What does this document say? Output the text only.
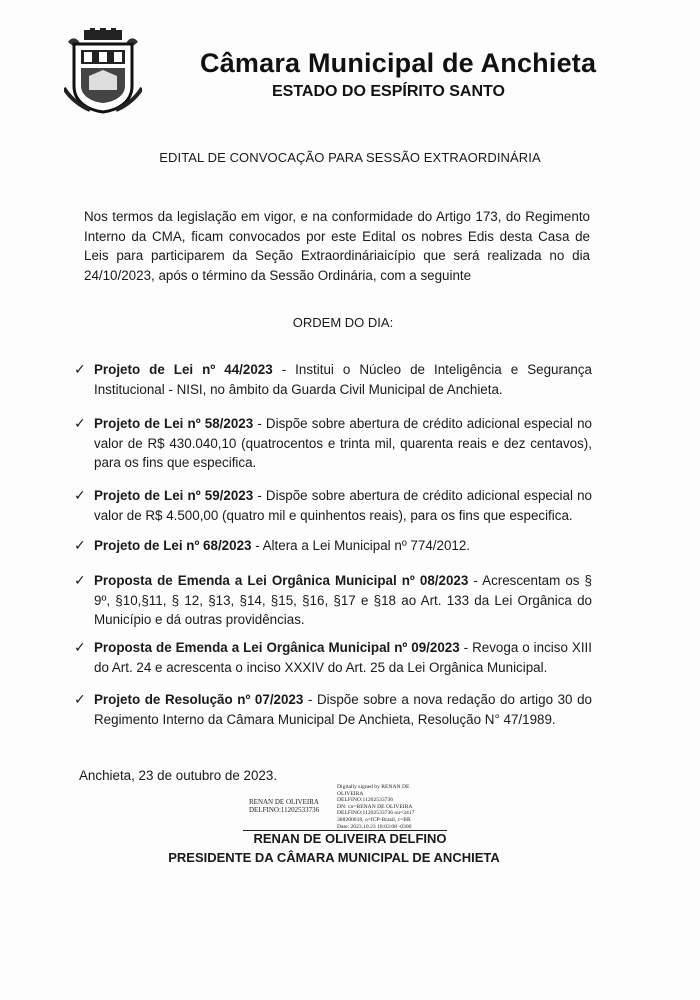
Câmara Municipal de Anchieta
ESTADO DO ESPÍRITO SANTO
EDITAL DE CONVOCAÇÃO PARA SESSÃO EXTRAORDINÁRIA
Nos termos da legislação em vigor, e na conformidade do Artigo 173, do Regimento Interno da CMA, ficam convocados por este Edital os nobres Edis desta Casa de Leis para participarem da Seção Extraordináriaicípio que será realizada no dia 24/10/2023, após o término da Sessão Ordinária, com a seguinte
ORDEM DO DIA:
✓ Projeto de Lei nº 44/2023 - Institui o Núcleo de Inteligência e Segurança Institucional - NISI, no âmbito da Guarda Civil Municipal de Anchieta.
✓ Projeto de Lei nº 58/2023 - Dispõe sobre abertura de crédito adicional especial no valor de R$ 430.040,10 (quatrocentos e trinta mil, quarenta reais e dez centavos), para os fins que especifica.
✓ Projeto de Lei nº 59/2023 - Dispõe sobre abertura de crédito adicional especial no valor de R$ 4.500,00 (quatro mil e quinhentos reais), para os fins que especifica.
✓ Projeto de Lei nº 68/2023 - Altera a Lei Municipal nº 774/2012.
✓ Proposta de Emenda a Lei Orgânica Municipal nº 08/2023 - Acrescentam os § 9º, §10,§11, § 12, §13, §14, §15, §16, §17 e §18 ao Art. 133 da Lei Orgânica do Município e dá outras providências.
✓ Proposta de Emenda a Lei Orgânica Municipal nº 09/2023 - Revoga o inciso XIII do Art. 24 e acrescenta o inciso XXXIV do Art. 25 da Lei Orgânica Municipal.
✓ Projeto de Resolução nº 07/2023 - Dispõe sobre a nova redação do artigo 30 do Regimento Interno da Câmara Municipal De Anchieta, Resolução N° 47/1989.
Anchieta, 23 de outubro de 2023.
RENAN DE OLIVEIRA
DELFINO:11202533736
Digitally signed by RENAN DE
OLIVEIRA
DELFINO:11202533736
DN: cn=RENAN DE OLIVEIRA
DELFINO:11202533736 ou=3417
388200018, o=ICP-Brasil, c=BR
Date: 2023.10.23 18:03:08 -0300
RENAN DE OLIVEIRA DELFINO
PRESIDENTE DA CÂMARA MUNICIPAL DE ANCHIETA
